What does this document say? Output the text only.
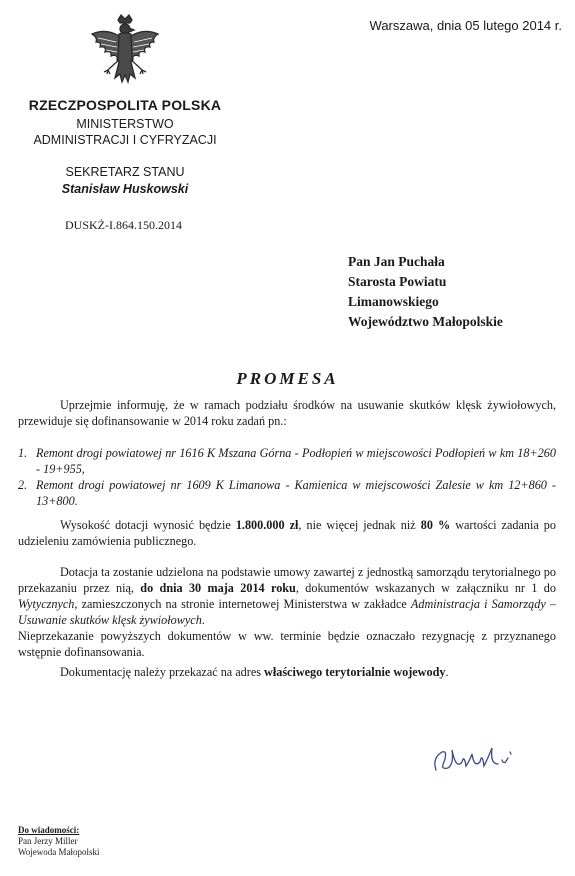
Warszawa, dnia 05 lutego 2014 r.
RZECZPOSPOLITA POLSKA
MINISTERSTWO
ADMINISTRACJI I CYFRYZACJI
SEKRETARZ STANU
Stanisław Huskowski
DUSKŻ-I.864.150.2014
Pan Jan Puchała
Starosta Powiatu
Limanowskiego
Województwo Małopolskie
PROMESA
Uprzejmie informuję, że w ramach podziału środków na usuwanie skutków klęsk żywiołowych, przewiduje się dofinansowanie w 2014 roku zadań pn.:
1. Remont drogi powiatowej nr 1616 K Mszana Górna - Podłopień w miejscowości Podłopień w km 18+260 - 19+955,
2. Remont drogi powiatowej nr 1609 K Limanowa - Kamienica w miejscowości Zalesie w km 12+860 - 13+800.
Wysokość dotacji wynosić będzie 1.800.000 zł, nie więcej jednak niż 80 % wartości zadania po udzieleniu zamówienia publicznego.
Dotacja ta zostanie udzielona na podstawie umowy zawartej z jednostką samorządu terytorialnego po przekazaniu przez nią, do dnia 30 maja 2014 roku, dokumentów wskazanych w załączniku nr 1 do Wytycznych, zamieszczonych na stronie internetowej Ministerstwa w zakładce Administracja i Samorządy – Usuwanie skutków klęsk żywiołowych.
Nieprzekazanie powyższych dokumentów w ww. terminie będzie oznaczało rezygnację z przyznanego wstępnie dofinansowania.
Dokumentację należy przekazać na adres właściwego terytorialnie wojewody.
Do wiadomości:
Pan Jerzy Miller
Wojewoda Małopolski
